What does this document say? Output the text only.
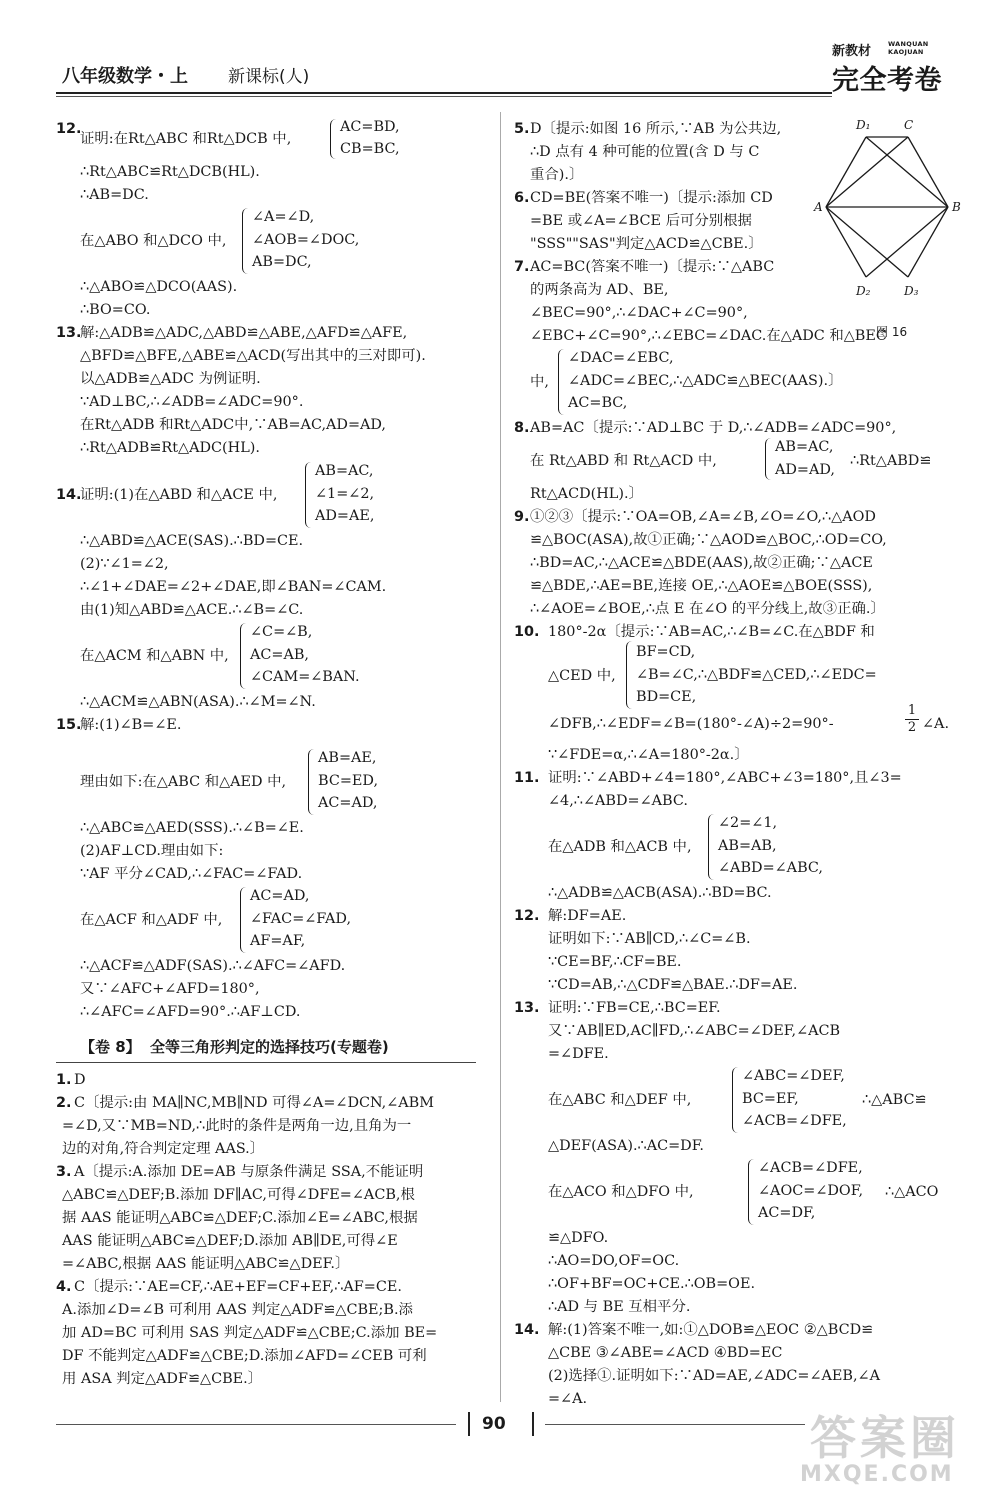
八年级数学・上 新课标(人)
新教材	WANQUAN
KAOJUAN
完全考卷
12.
证明:在Rt△ABC 和Rt△DCB 中,
AC=BD,
CB=BC,
∴Rt△ABC≌Rt△DCB(HL).
∴AB=DC.
在△ABO 和△DCO 中,
∠A=∠D,
∠AOB=∠DOC,
AB=DC,
∴△ABO≌△DCO(AAS).
∴BO=CO.
13.
解:△ADB≌△ADC,△ABD≌△ABE,△AFD≌△AFE,
△BFD≌△BFE,△ABE≌△ACD(写出其中的三对即可).
以△ADB≌△ADC 为例证明.
∵AD⊥BC,∴∠ADB=∠ADC=90°.
在Rt△ADB 和Rt△ADC中,∵AB=AC,AD=AD,
∴Rt△ADB≌Rt△ADC(HL).
14.
证明:(1)在△ABD 和△ACE 中,
AB=AC,
∠1=∠2,
AD=AE,
∴△ABD≌△ACE(SAS).∴BD=CE.
(2)∵∠1=∠2,
∴∠1+∠DAE=∠2+∠DAE,即∠BAN=∠CAM.
由(1)知△ABD≌△ACE.∴∠B=∠C.
在△ACM 和△ABN 中,
∠C=∠B,
AC=AB,
∠CAM=∠BAN.
∴△ACM≌△ABN(ASA).∴∠M=∠N.
15.
解:(1)∠B=∠E.
理由如下:在△ABC 和△AED 中,
AB=AE,
BC=ED,
AC=AD,
∴△ABC≌△AED(SSS).∴∠B=∠E.
(2)AF⊥CD.理由如下:
∵AF 平分∠CAD,∴∠FAC=∠FAD.
在△ACF 和△ADF 中,
AC=AD,
∠FAC=∠FAD,
AF=AF,
∴△ACF≌△ADF(SAS).∴∠AFC=∠AFD.
又∵∠AFC+∠AFD=180°,
∴∠AFC=∠AFD=90°.∴AF⊥CD.
【卷 8】 全等三角形判定的选择技巧(专题卷)
1. D
2. C〔提示:由 MA∥NC,MB∥ND 可得∠A=∠DCN,∠ABM
=∠D,又∵MB=ND,∴此时的条件是两角一边,且角为一
边的对角,符合判定定理 AAS.〕
3. A〔提示:A.添加 DE=AB 与原条件满足 SSA,不能证明
△ABC≌△DEF;B.添加 DF∥AC,可得∠DFE=∠ACB,根
据 AAS 能证明△ABC≌△DEF;C.添加∠E=∠ABC,根据
AAS 能证明△ABC≌△DEF;D.添加 AB∥DE,可得∠E
=∠ABC,根据 AAS 能证明△ABC≌△DEF.〕
4. C〔提示:∵AE=CF,∴AE+EF=CF+EF,∴AF=CE.
A.添加∠D=∠B 可利用 AAS 判定△ADF≌△CBE;B.添
加 AD=BC 可利用 SAS 判定△ADF≌△CBE;C.添加 BE=
DF 不能判定△ADF≌△CBE;D.添加∠AFD=∠CEB 可利
用 ASA 判定△ADF≌△CBE.〕
5. D〔提示:如图 16 所示,∵AB 为公共边,
∴D 点有 4 种可能的位置(含 D 与 C
重合).〕
6. CD=BE(答案不唯一)〔提示:添加 CD
=BE 或∠A=∠BCE 后可分别根据
"SSS""SAS"判定△ACD≌△CBE.〕
7. AC=BC(答案不唯一)〔提示:∵△ABC
的两条高为 AD、BE,
∠BEC=90°,∴∠DAC+∠C=90°,
∠EBC+∠C=90°,∴∠EBC=∠DAC.在△ADC 和△BEC
中,
∠DAC=∠EBC,
∠ADC=∠BEC,∴△ADC≌△BEC(AAS).〕
AC=BC,
8. AB=AC〔提示:∵AD⊥BC 于 D,∴∠ADB=∠ADC=90°,
在 Rt△ABD 和 Rt△ACD 中,
AB=AC,
AD=AD,
∴Rt△ABD≌
Rt△ACD(HL).〕
9. ①②③〔提示:∵OA=OB,∠A=∠B,∠O=∠O,∴△AOD
≌△BOC(ASA),故①正确;∵△AOD≌△BOC,∴OD=CO,
∴BD=AC,∴△ACE≌△BDE(AAS),故②正确;∵△ACE
≌△BDE,∴AE=BE,连接 OE,∴△AOE≌△BOE(SSS),
∴∠AOE=∠BOE,∴点 E 在∠O 的平分线上,故③正确.〕
10. 180°-2α〔提示:∵AB=AC,∴∠B=∠C.在△BDF 和
△CED 中,
BF=CD,
∠B=∠C,∴△BDF≌△CED,∴∠EDC=
BD=CE,
∠DFB,∴∠EDF=∠B=(180°-∠A)÷2=90°-
1
2 ∠A.
∵∠FDE=α,∴∠A=180°-2α.〕
11. 证明:∵∠ABD+∠4=180°,∠ABC+∠3=180°,且∠3=
∠4,∴∠ABD=∠ABC.
在△ADB 和△ACB 中,
∠2=∠1,
AB=AB,
∠ABD=∠ABC,
∴△ADB≌△ACB(ASA).∴BD=BC.
12. 解:DF=AE.
证明如下:∵AB∥CD,∴∠C=∠B.
∵CE=BF,∴CF=BE.
∵CD=AB,∴△CDF≌△BAE.∴DF=AE.
13. 证明:∵FB=CE,∴BC=EF.
又∵AB∥ED,AC∥FD,∴∠ABC=∠DEF,∠ACB
=∠DFE.
在△ABC 和△DEF 中,
∠ABC=∠DEF,
BC=EF,
∠ACB=∠DFE,
∴△ABC≌
△DEF(ASA).∴AC=DF.
在△ACO 和△DFO 中,
∠ACB=∠DFE,
∠AOC=∠DOF,
AC=DF,
∴△ACO
≌△DFO.
∴AO=DO,OF=OC.
∴OF+BF=OC+CE.∴OB=OE.
∴AD 与 BE 互相平分.
14. 解:(1)答案不唯一,如:①△DOB≌△EOC ②△BCD≌
△CBE ③∠ABE=∠ACD ④BD=EC
(2)选择①.证明如下:∵AD=AE,∠ADC=∠AEB,∠A
=∠A.
D₁	C
A	B
D₂	D₃
图 16
90	答案圈
MXQE.COM
